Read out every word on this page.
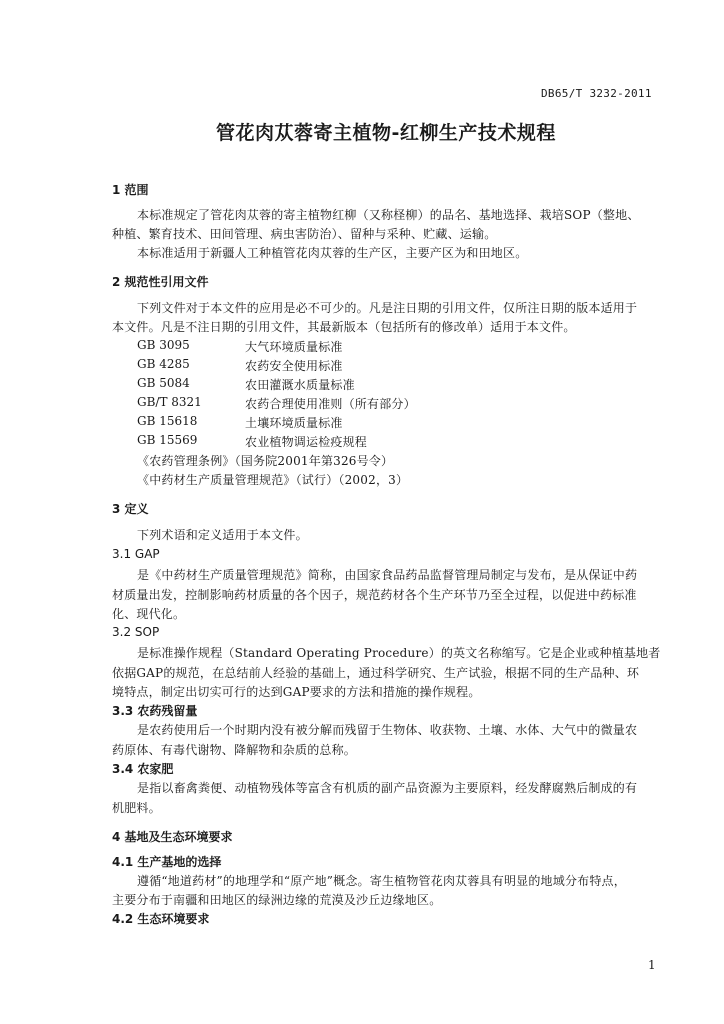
DB65/T 3232-2011
管花肉苁蓉寄主植物-红柳生产技术规程
1 范围
本标准规定了管花肉苁蓉的寄主植物红柳（又称柽柳）的品名、基地选择、栽培SOP（整地、
种植、繁育技术、田间管理、病虫害防治）、留种与采种、贮藏、运输。
本标准适用于新疆人工种植管花肉苁蓉的生产区，主要产区为和田地区。
2 规范性引用文件
下列文件对于本文件的应用是必不可少的。凡是注日期的引用文件，仅所注日期的版本适用于
本文件。凡是不注日期的引用文件，其最新版本（包括所有的修改单）适用于本文件。
GB 3095	大气环境质量标准
GB 4285	农药安全使用标准
GB 5084	农田灌溉水质量标准
GB/T 8321	农药合理使用准则（所有部分）
GB 15618	土壤环境质量标准
GB 15569	农业植物调运检疫规程
《农药管理条例》（国务院2001年第326号令）
《中药材生产质量管理规范》（试行）（2002，3）
3 定义
下列术语和定义适用于本文件。
3.1 GAP
是《中药材生产质量管理规范》简称，由国家食品药品监督管理局制定与发布，是从保证中药
材质量出发，控制影响药材质量的各个因子，规范药材各个生产环节乃至全过程，以促进中药标准
化、现代化。
3.2 SOP
是标准操作规程（Standard Operating Procedure）的英文名称缩写。它是企业或种植基地者
依据GAP的规范，在总结前人经验的基础上，通过科学研究、生产试验，根据不同的生产品种、环
境特点，制定出切实可行的达到GAP要求的方法和措施的操作规程。
3.3 农药残留量
是农药使用后一个时期内没有被分解而残留于生物体、收获物、土壤、水体、大气中的微量农
药原体、有毒代谢物、降解物和杂质的总称。
3.4 农家肥
是指以畜禽粪便、动植物残体等富含有机质的副产品资源为主要原料，经发酵腐熟后制成的有
机肥料。
4 基地及生态环境要求
4.1 生产基地的选择
遵循“地道药材”的地理学和“原产地”概念。寄生植物管花肉苁蓉具有明显的地域分布特点，
主要分布于南疆和田地区的绿洲边缘的荒漠及沙丘边缘地区。
4.2 生态环境要求
1
